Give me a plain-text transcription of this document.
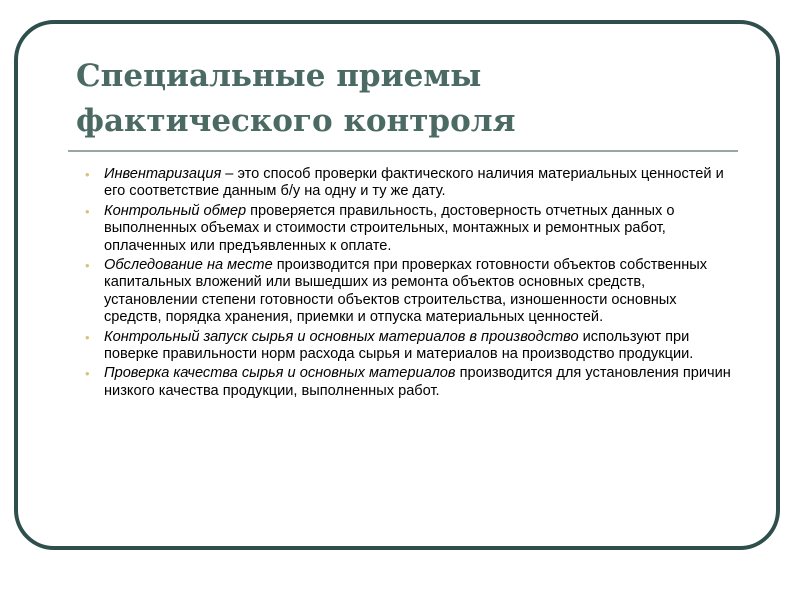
Специальные приемы фактического контроля
• Инвентаризация – это способ проверки фактического наличия материальных ценностей и его соответствие данным б/у на одну и ту же дату.
• Контрольный обмер проверяется правильность, достоверность отчетных данных о выполненных объемах и стоимости строительных, монтажных и ремонтных работ, оплаченных или предъявленных к оплате.
• Обследование на месте производится при проверках готовности объектов собственных капитальных вложений или вышедших из ремонта объектов основных средств, установлении степени готовности объектов строительства, изношенности основных средств, порядка хранения, приемки и отпуска материальных ценностей.
• Контрольный запуск сырья и основных материалов в производство используют при поверке правильности норм расхода сырья и материалов на производство продукции.
• Проверка качества сырья и основных материалов производится для установления причин низкого качества продукции, выполненных работ.
